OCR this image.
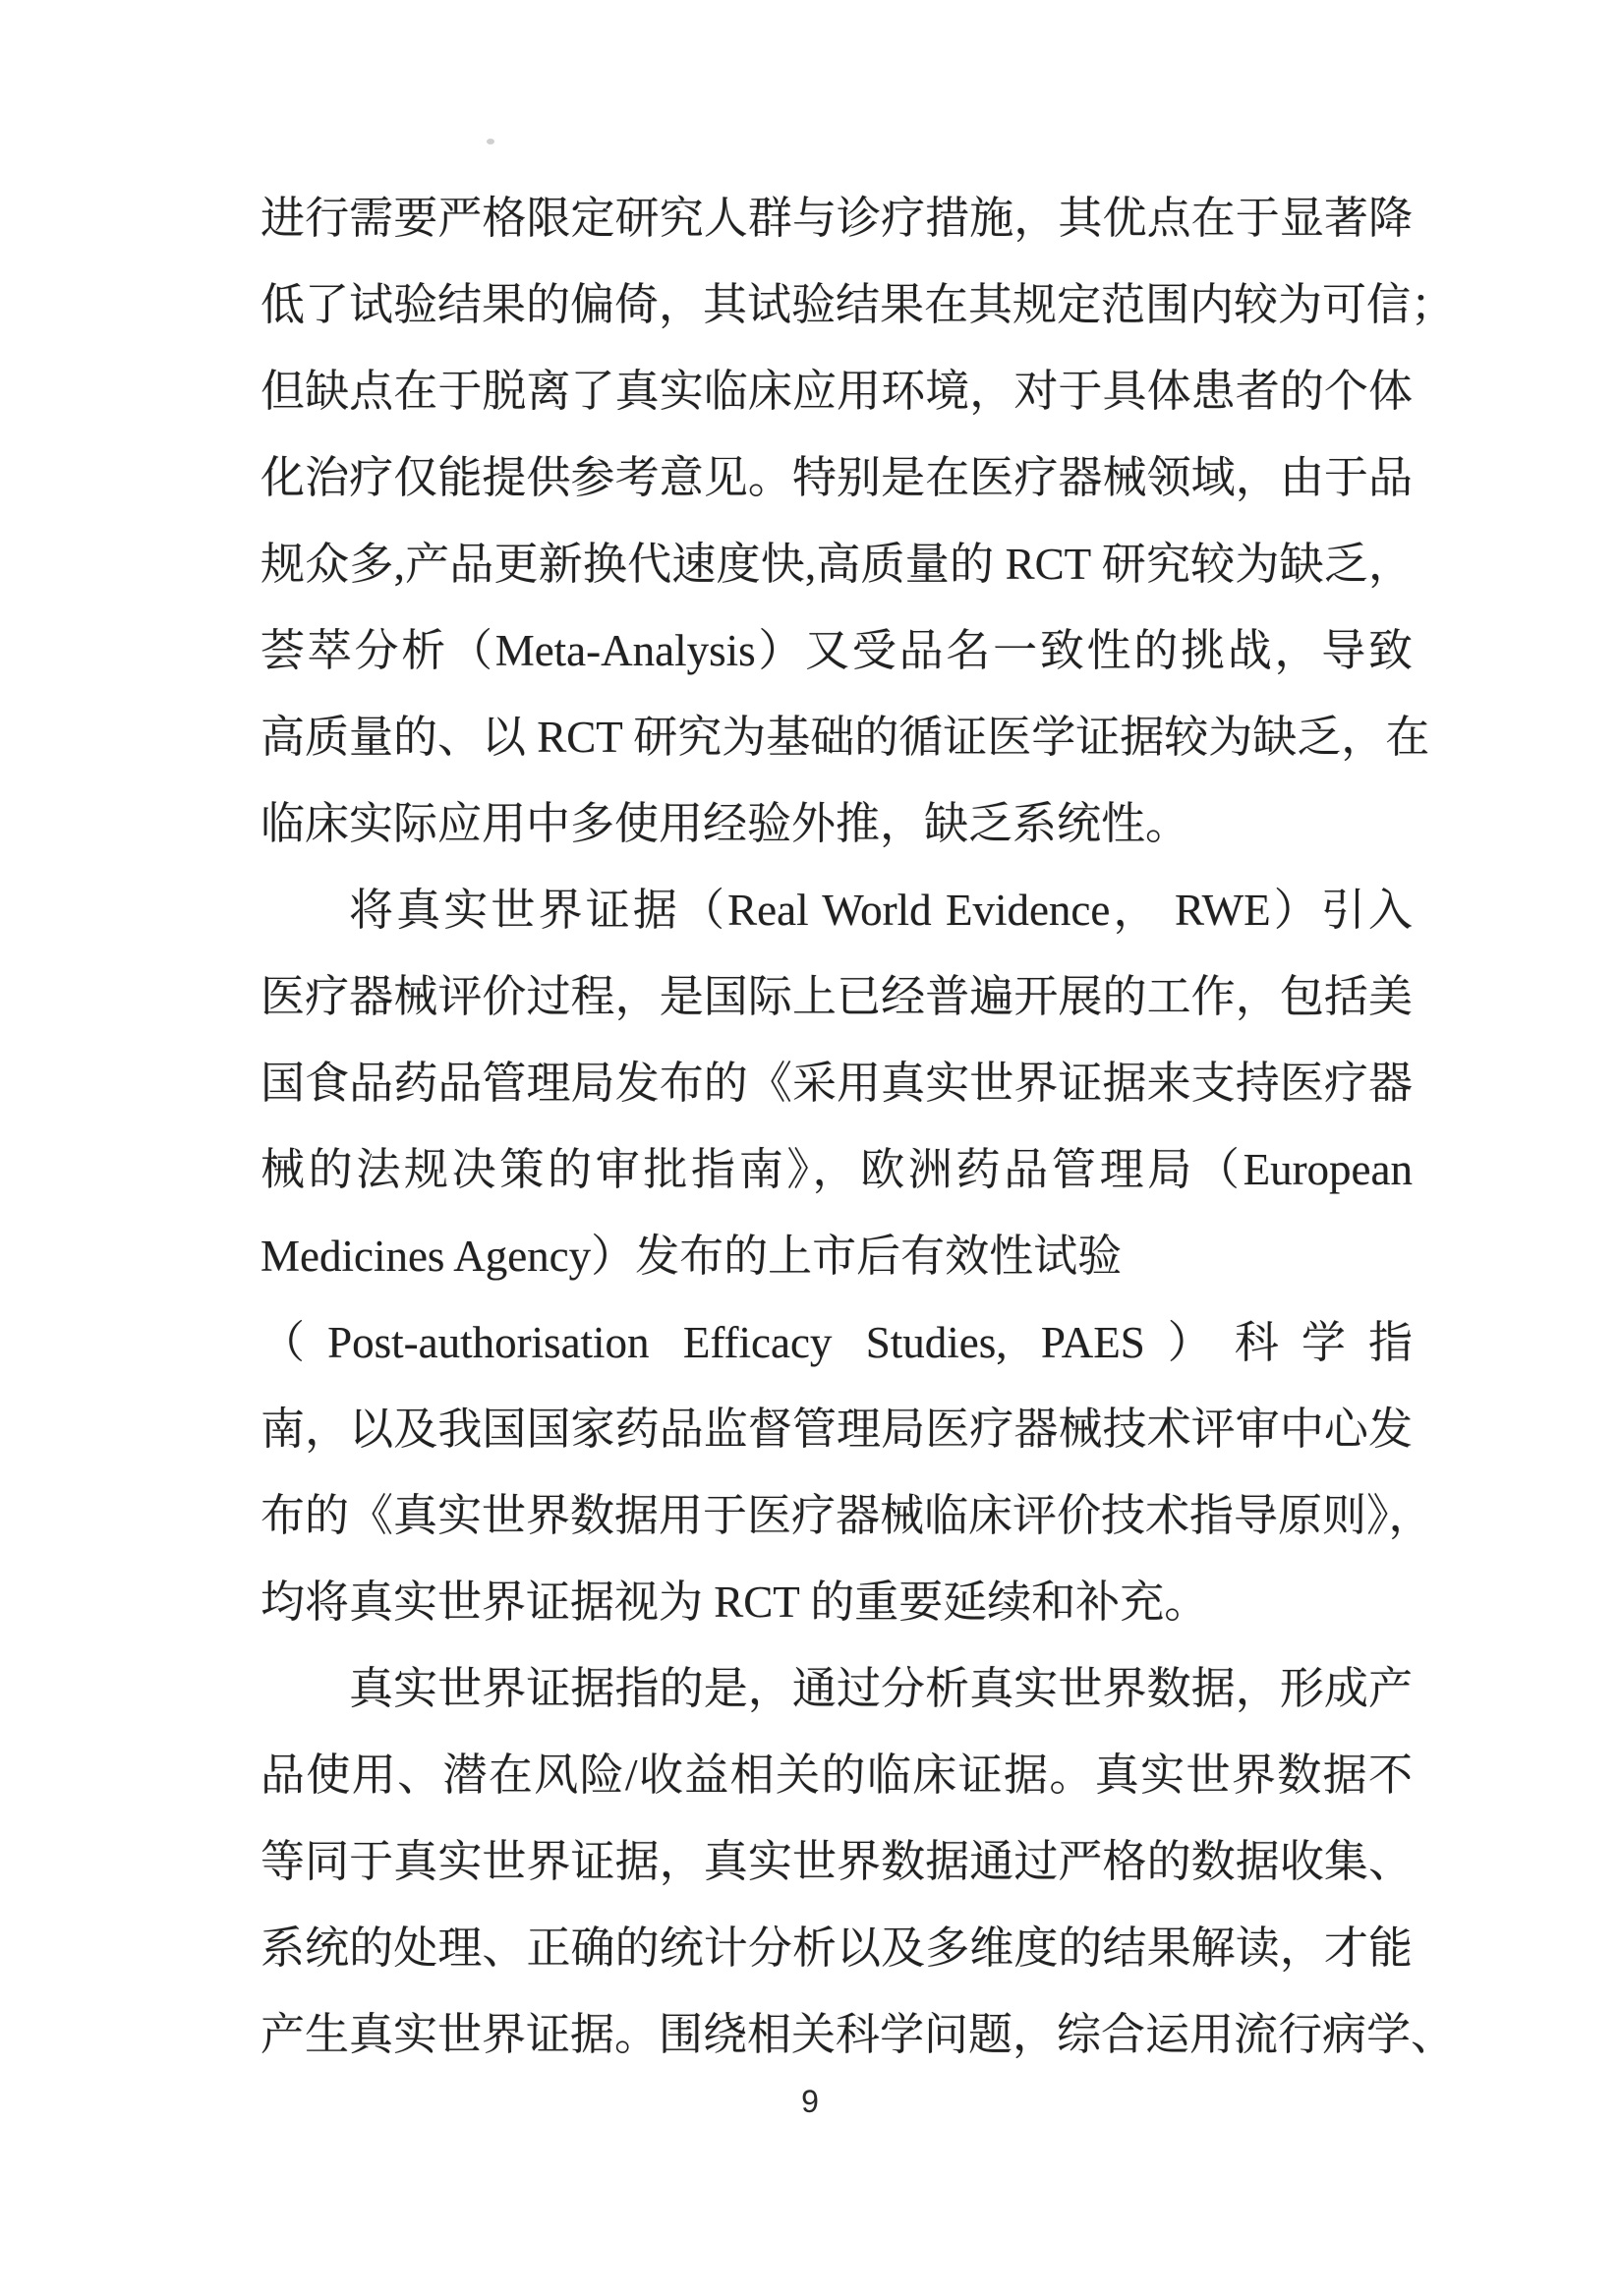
进行需要严格限定研究人群与诊疗措施，其优点在于显著降
低了试验结果的偏倚，其试验结果在其规定范围内较为可信；
但缺点在于脱离了真实临床应用环境，对于具体患者的个体
化治疗仅能提供参考意见。特别是在医疗器械领域，由于品
规众多,产品更新换代速度快,高质量的 RCT 研究较为缺乏，
荟萃分析（Meta-Analysis）又受品名一致性的挑战，导致
高质量的、以 RCT 研究为基础的循证医学证据较为缺乏，在
临床实际应用中多使用经验外推，缺乏系统性。
将真实世界证据（Real World Evidence， RWE）引入
医疗器械评价过程，是国际上已经普遍开展的工作，包括美
国食品药品管理局发布的《采用真实世界证据来支持医疗器
械的法规决策的审批指南》，欧洲药品管理局（European
Medicines Agency）发布的上市后有效性试验
（Post-authorisation Efficacy Studies, PAES）科学指
南，以及我国国家药品监督管理局医疗器械技术评审中心发
布的《真实世界数据用于医疗器械临床评价技术指导原则》，
均将真实世界证据视为 RCT 的重要延续和补充。
真实世界证据指的是，通过分析真实世界数据，形成产
品使用、潜在风险/收益相关的临床证据。真实世界数据不
等同于真实世界证据，真实世界数据通过严格的数据收集、
系统的处理、正确的统计分析以及多维度的结果解读，才能
产生真实世界证据。围绕相关科学问题，综合运用流行病学、
9
